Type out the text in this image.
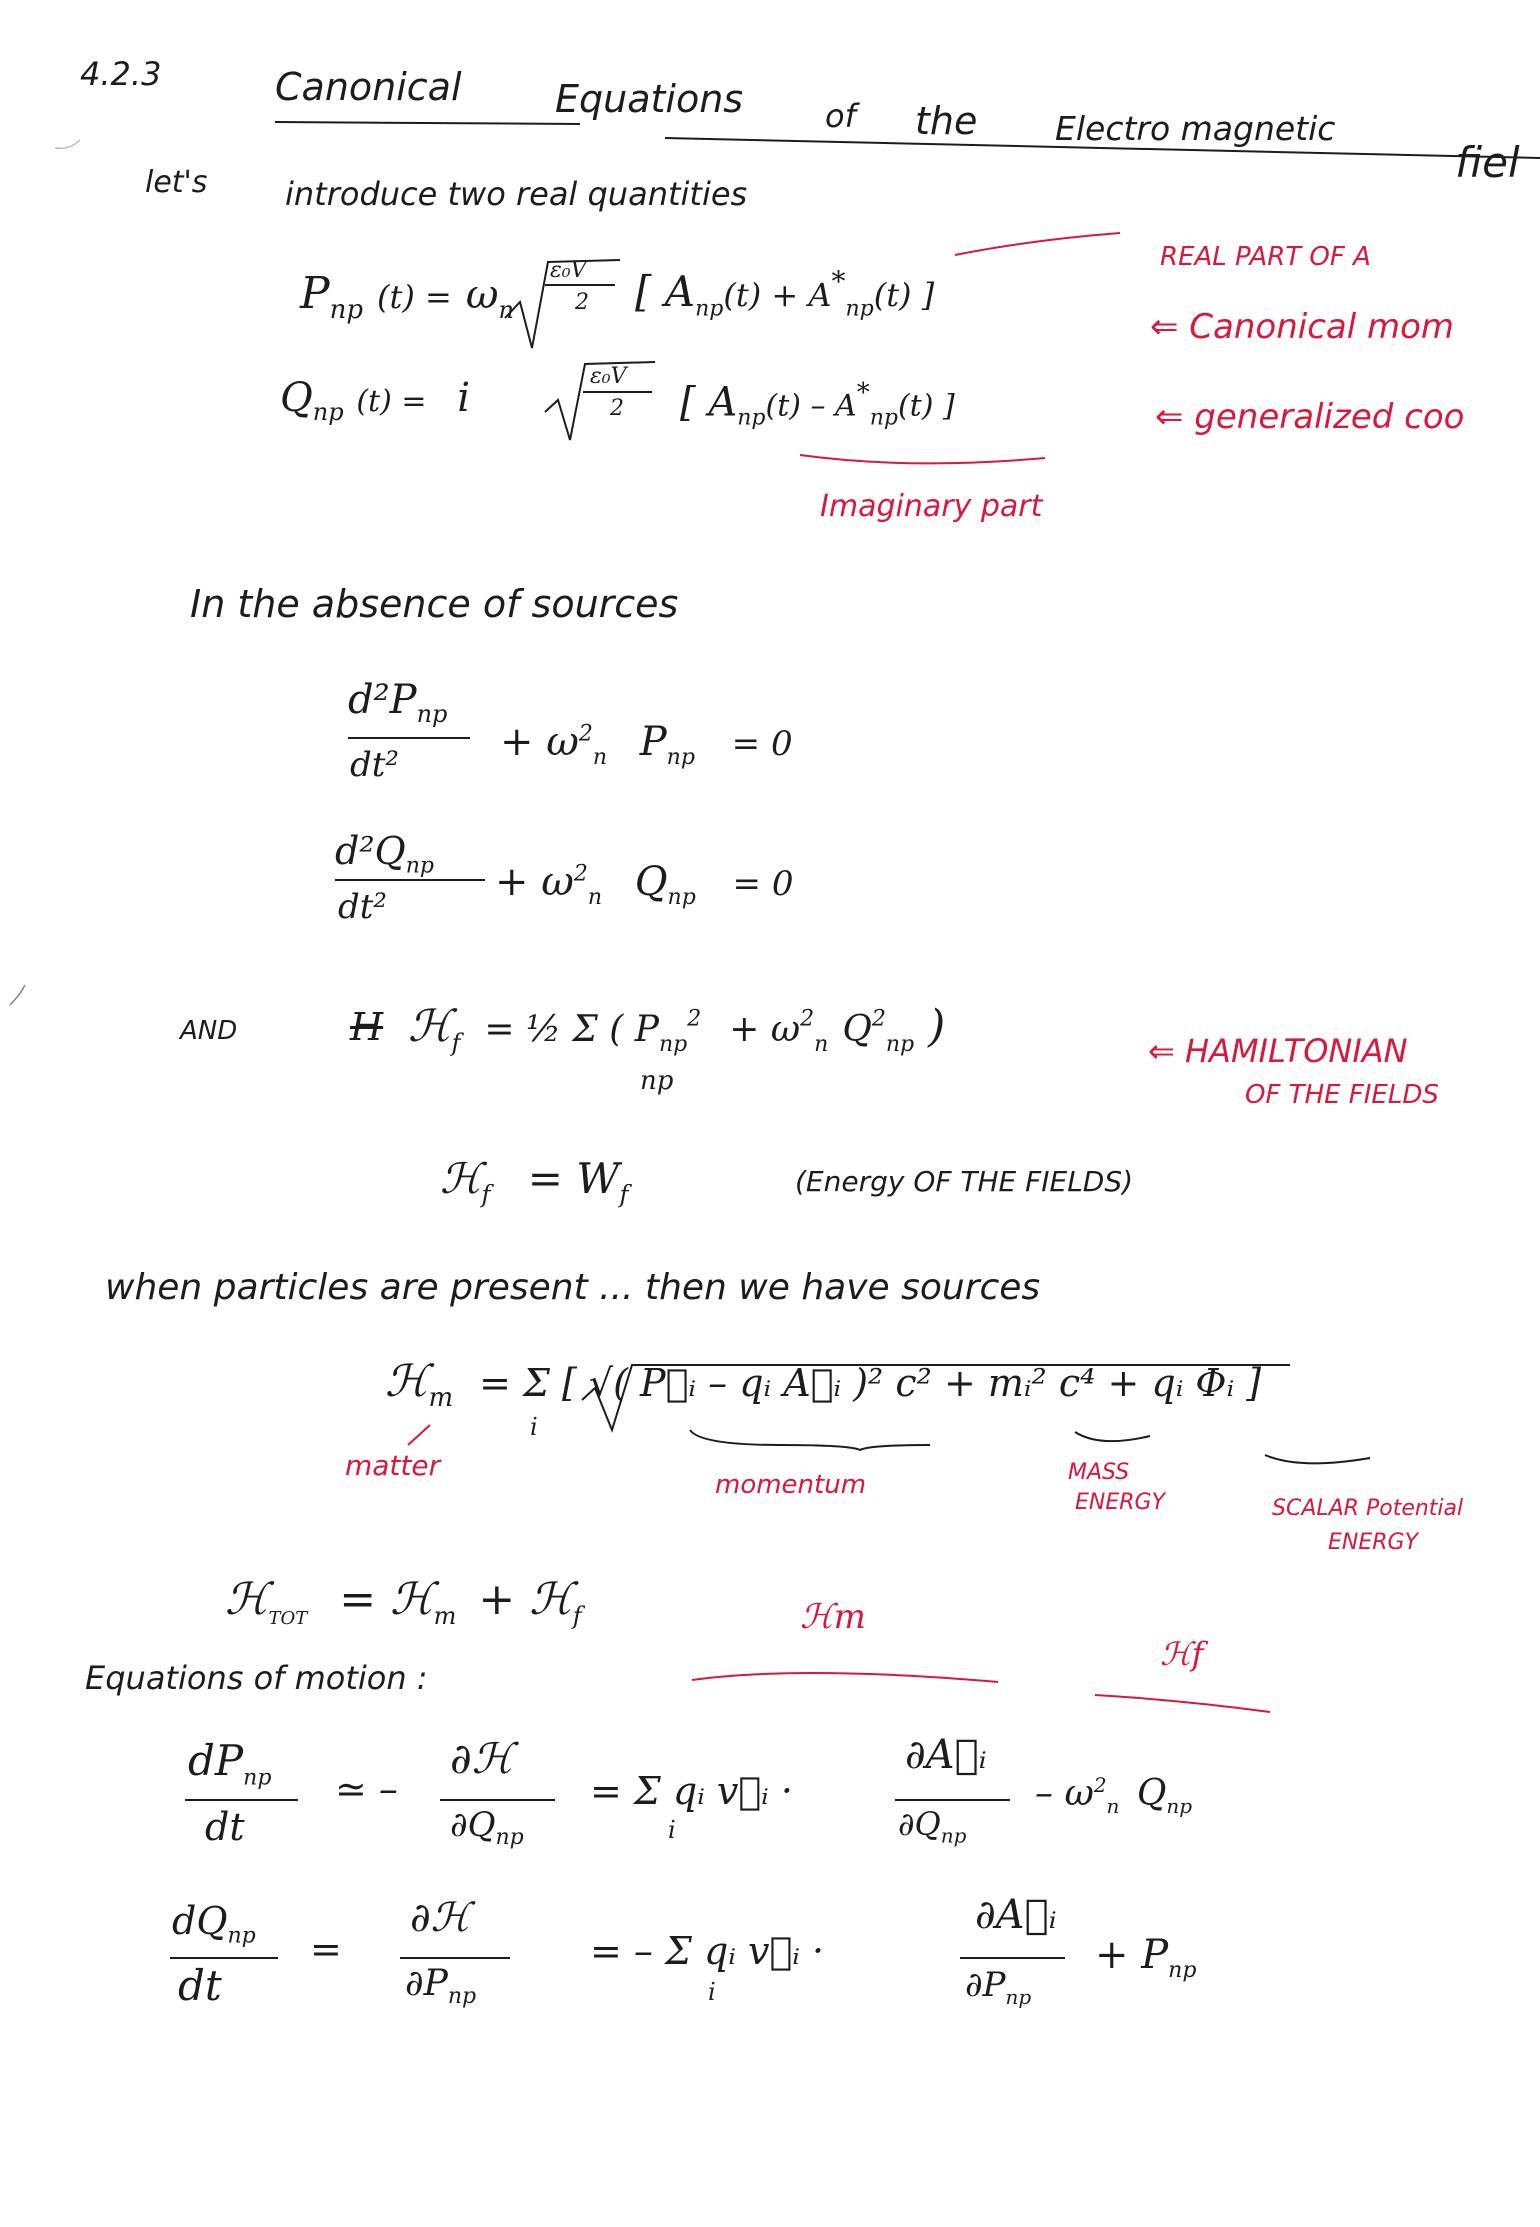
4.2.3	Canonical Equations	of the Electro magnetic
fiel
let's introduce two real quantities
REAL PART OF A
$P_{np}$ $(t) = \omega_n$
ε₀V
2 [ $A_{np}(t) + A^*_{np}(t)$ ]
⇐ Canonical mom
$Q_{np}$ (t) = i	ε₀V
2 [ $A_{np}(t) - A^*_{np}(t)$ ]	⇐ generalized coo
Imaginary part
In the absence of sources
$d^2P_{np}$
dt²	+ $\omega^2_n$ $P_{np} = 0$
$d^2Q_{np}$
dt²
+ $\omega^2_n$ $Q_{np} = 0$
AND	H ℋ$_f$ = ½ Σ ( $P_{np}^2 + \omega^2_n$ $Q^2_{np}$ )
np
⇐ HAMILTONIAN
OF THE FIELDS
ℋ$_f$ = $W_f$	(Energy OF THE FIELDS)
when particles are present ... then we have sources
ℋ$_m$ = Σ [ √( P⃗ᵢ – qᵢ A⃗ᵢ )² c² + mᵢ² c⁴ + qᵢ Φᵢ ]
i
matter
momentum	MASS
ENERGY	SCALAR Potential
ENERGY
ℋ$_{TOT}$ = ℋ$_m$ + ℋ$_f$	ℋm
ℋf
Equations of motion :
$dP_{np}$
dt
≃ –
∂ℋ
$\partial Q_{np}$
= Σ qᵢ v⃗ᵢ ·
i
∂A⃗ᵢ
$\partial Q_{np}$
– $\omega^2_n$ $Q_{np}$
$dQ_{np}$
dt
=
∂ℋ
$\partial P_{np}$
= – Σ qᵢ v⃗ᵢ ·
i
∂A⃗ᵢ
$\partial P_{np}$
+ $P_{np}$
